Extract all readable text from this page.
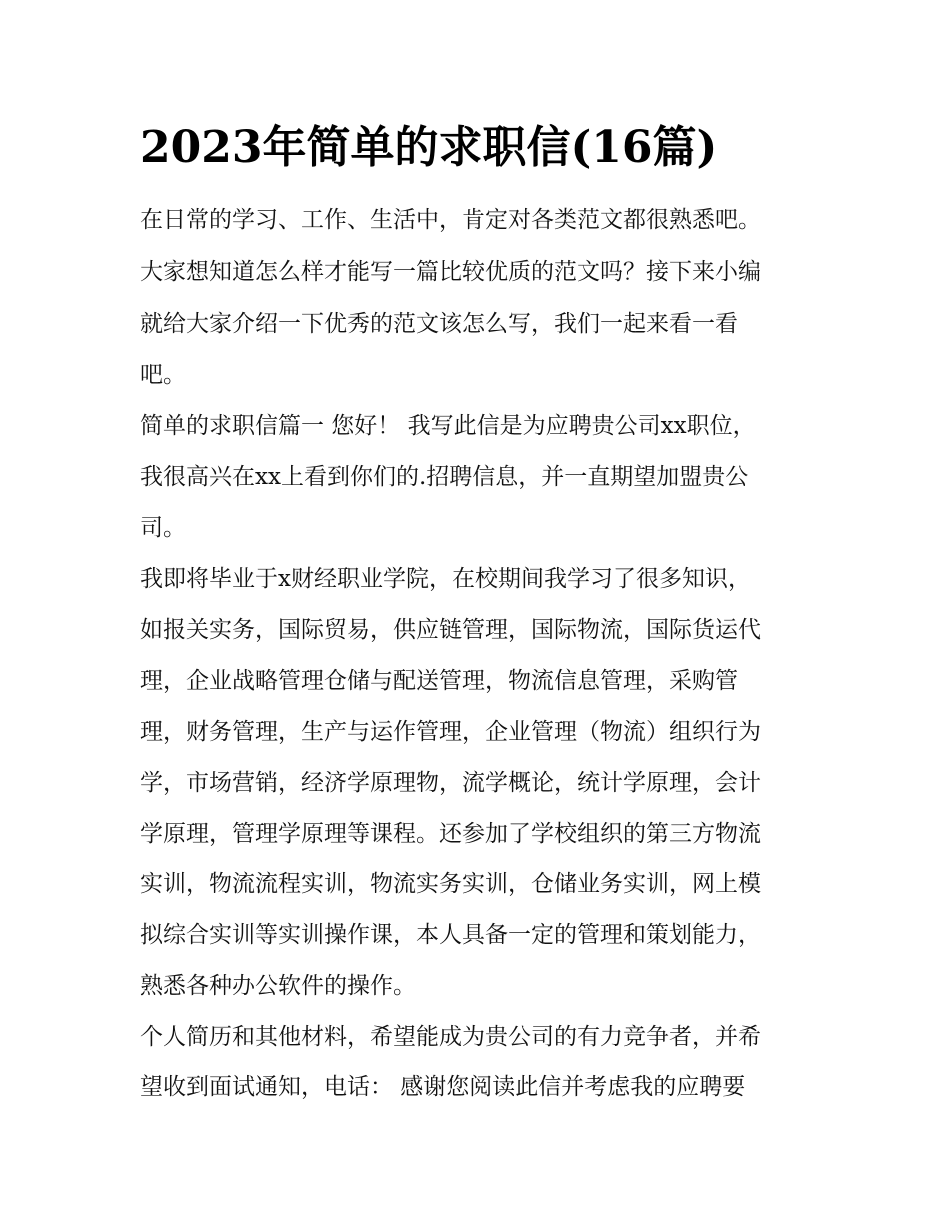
2023年简单的求职信(16篇)

在日常的学习、工作、生活中，肯定对各类范文都很熟悉吧。

大家想知道怎么样才能写一篇比较优质的范文吗？接下来小编

就给大家介绍一下优秀的范文该怎么写，我们一起来看一看

吧。

简单的求职信篇一 您好！ 我写此信是为应聘贵公司xx职位，

我很高兴在xx上看到你们的.招聘信息，并一直期望加盟贵公

司。

我即将毕业于x财经职业学院，在校期间我学习了很多知识，

如报关实务，国际贸易，供应链管理，国际物流，国际货运代

理，企业战略管理仓储与配送管理，物流信息管理，采购管

理，财务管理，生产与运作管理，企业管理（物流）组织行为

学，市场营销，经济学原理物，流学概论，统计学原理，会计

学原理，管理学原理等课程。还参加了学校组织的第三方物流

实训，物流流程实训，物流实务实训，仓储业务实训，网上模

拟综合实训等实训操作课，本人具备一定的管理和策划能力，

熟悉各种办公软件的操作。

个人简历和其他材料，希望能成为贵公司的有力竞争者，并希

望收到面试通知，电话： 感谢您阅读此信并考虑我的应聘要
